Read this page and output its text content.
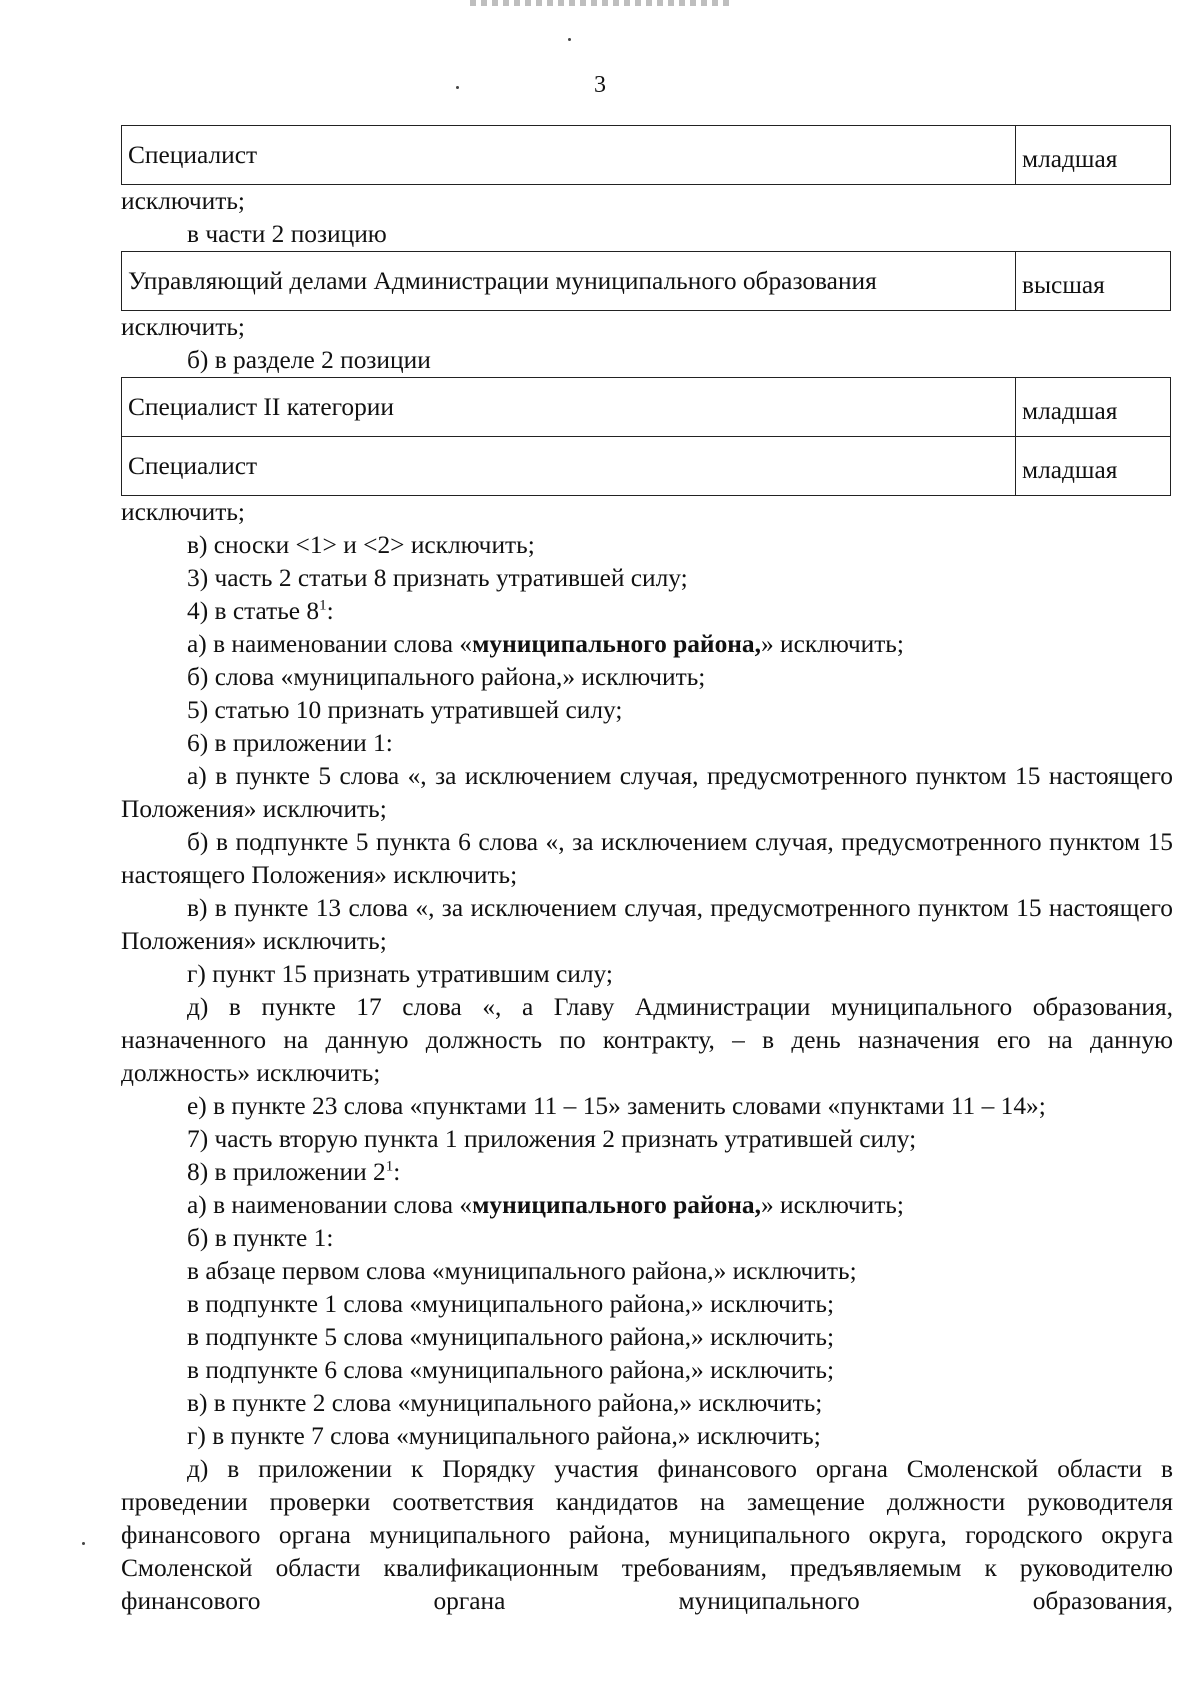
3
Специалист	младшая

исключить;

в части 2 позицию

Управляющий делами Администрации муниципального образования	высшая

исключить;

б) в разделе 2 позиции

Специалист II категории	младшая
Специалист	младшая

исключить;

в) сноски <1> и <2> исключить;

3) часть 2 статьи 8 признать утратившей силу;

4) в статье $8^1$:

а) в наименовании слова «муниципального района,» исключить;

б) слова «муниципального района,» исключить;

5) статью 10 признать утратившей силу;

6) в приложении 1:

а) в пункте 5 слова «, за исключением случая, предусмотренного пунктом 15 настоящего Положения» исключить;

б) в подпункте 5 пункта 6 слова «, за исключением случая, предусмотренного пунктом 15 настоящего Положения» исключить;

в) в пункте 13 слова «, за исключением случая, предусмотренного пунктом 15 настоящего Положения» исключить;

г) пункт 15 признать утратившим силу;

д) в пункте 17 слова «, а Главу Администрации муниципального образования, назначенного на данную должность по контракту, – в день назначения его на данную должность» исключить;

е) в пункте 23 слова «пунктами 11 – 15» заменить словами «пунктами 11 – 14»;

7) часть вторую пункта 1 приложения 2 признать утратившей силу;

8) в приложении $2^1$:

а) в наименовании слова «муниципального района,» исключить;

б) в пункте 1:

в абзаце первом слова «муниципального района,» исключить;

в подпункте 1 слова «муниципального района,» исключить;

в подпункте 5 слова «муниципального района,» исключить;

в подпункте 6 слова «муниципального района,» исключить;

в) в пункте 2 слова «муниципального района,» исключить;

г) в пункте 7 слова «муниципального района,» исключить;

д) в приложении к Порядку участия финансового органа Смоленской области в проведении проверки соответствия кандидатов на замещение должности руководителя финансового органа муниципального района, муниципального округа, городского округа Смоленской области квалификационным требованиям, предъявляемым к руководителю финансового органа муниципального образования,
